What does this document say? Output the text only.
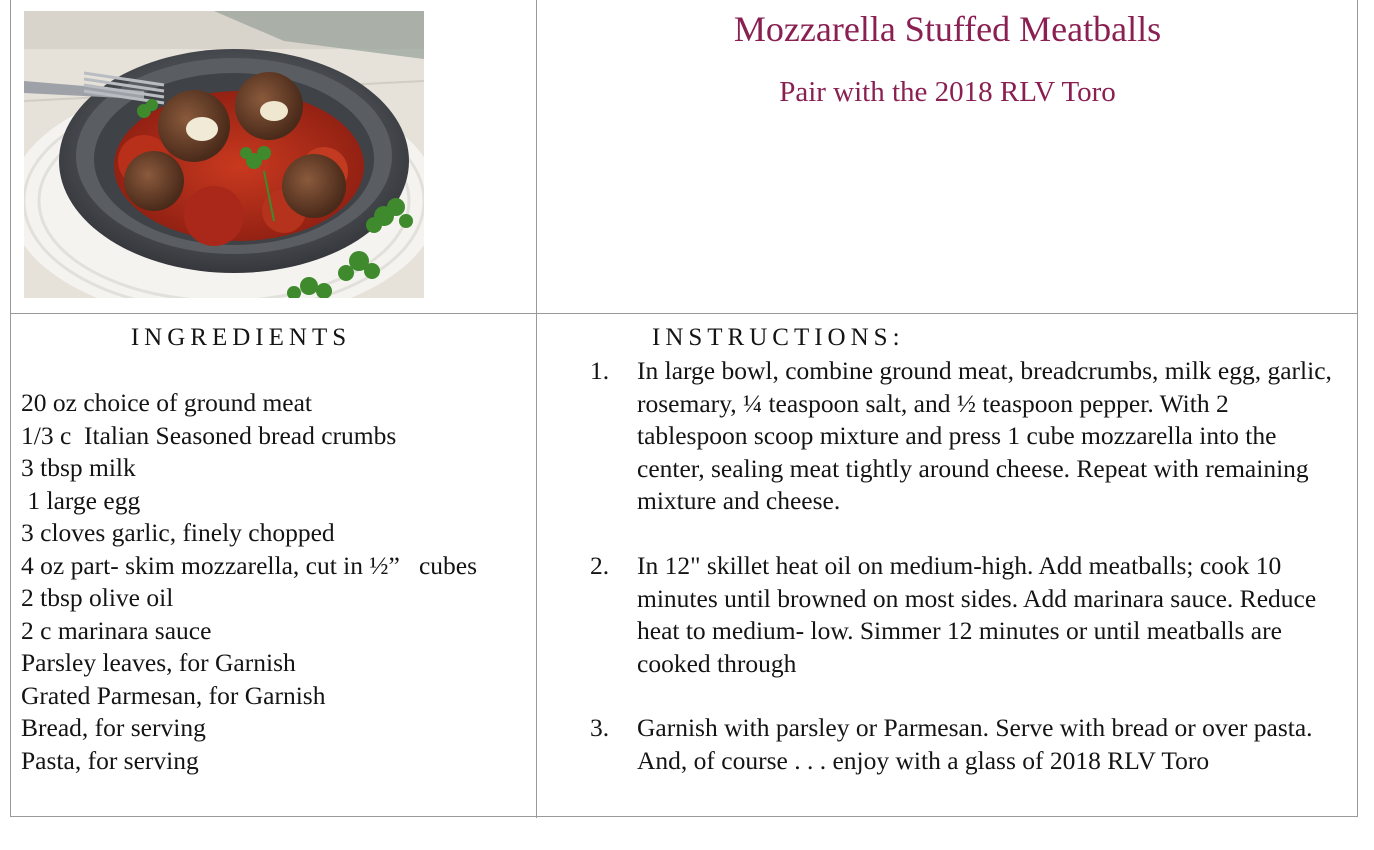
Mozzarella Stuffed Meatballs
Pair with the 2018 RLV Toro
INGREDIENTS
20 oz choice of ground meat
1/3 c  Italian Seasoned bread crumbs
3 tbsp milk
1 large egg
3 cloves garlic, finely chopped
4 oz part- skim mozzarella, cut in ½”   cubes
2 tbsp olive oil
2 c marinara sauce
Parsley leaves, for Garnish
Grated Parmesan, for Garnish
Bread, for serving
Pasta, for serving
INSTRUCTIONS:
1. In large bowl, combine ground meat, breadcrumbs, milk egg, garlic,
rosemary, ¼ teaspoon salt, and ½ teaspoon pepper. With 2
tablespoon scoop mixture and press 1 cube mozzarella into the
center, sealing meat tightly around cheese. Repeat with remaining
mixture and cheese.
2. In 12" skillet heat oil on medium-high. Add meatballs; cook 10
minutes until browned on most sides. Add marinara sauce. Reduce
heat to medium- low. Simmer 12 minutes or until meatballs are
cooked through
3. Garnish with parsley or Parmesan. Serve with bread or over pasta.
And, of course . . . enjoy with a glass of 2018 RLV Toro
